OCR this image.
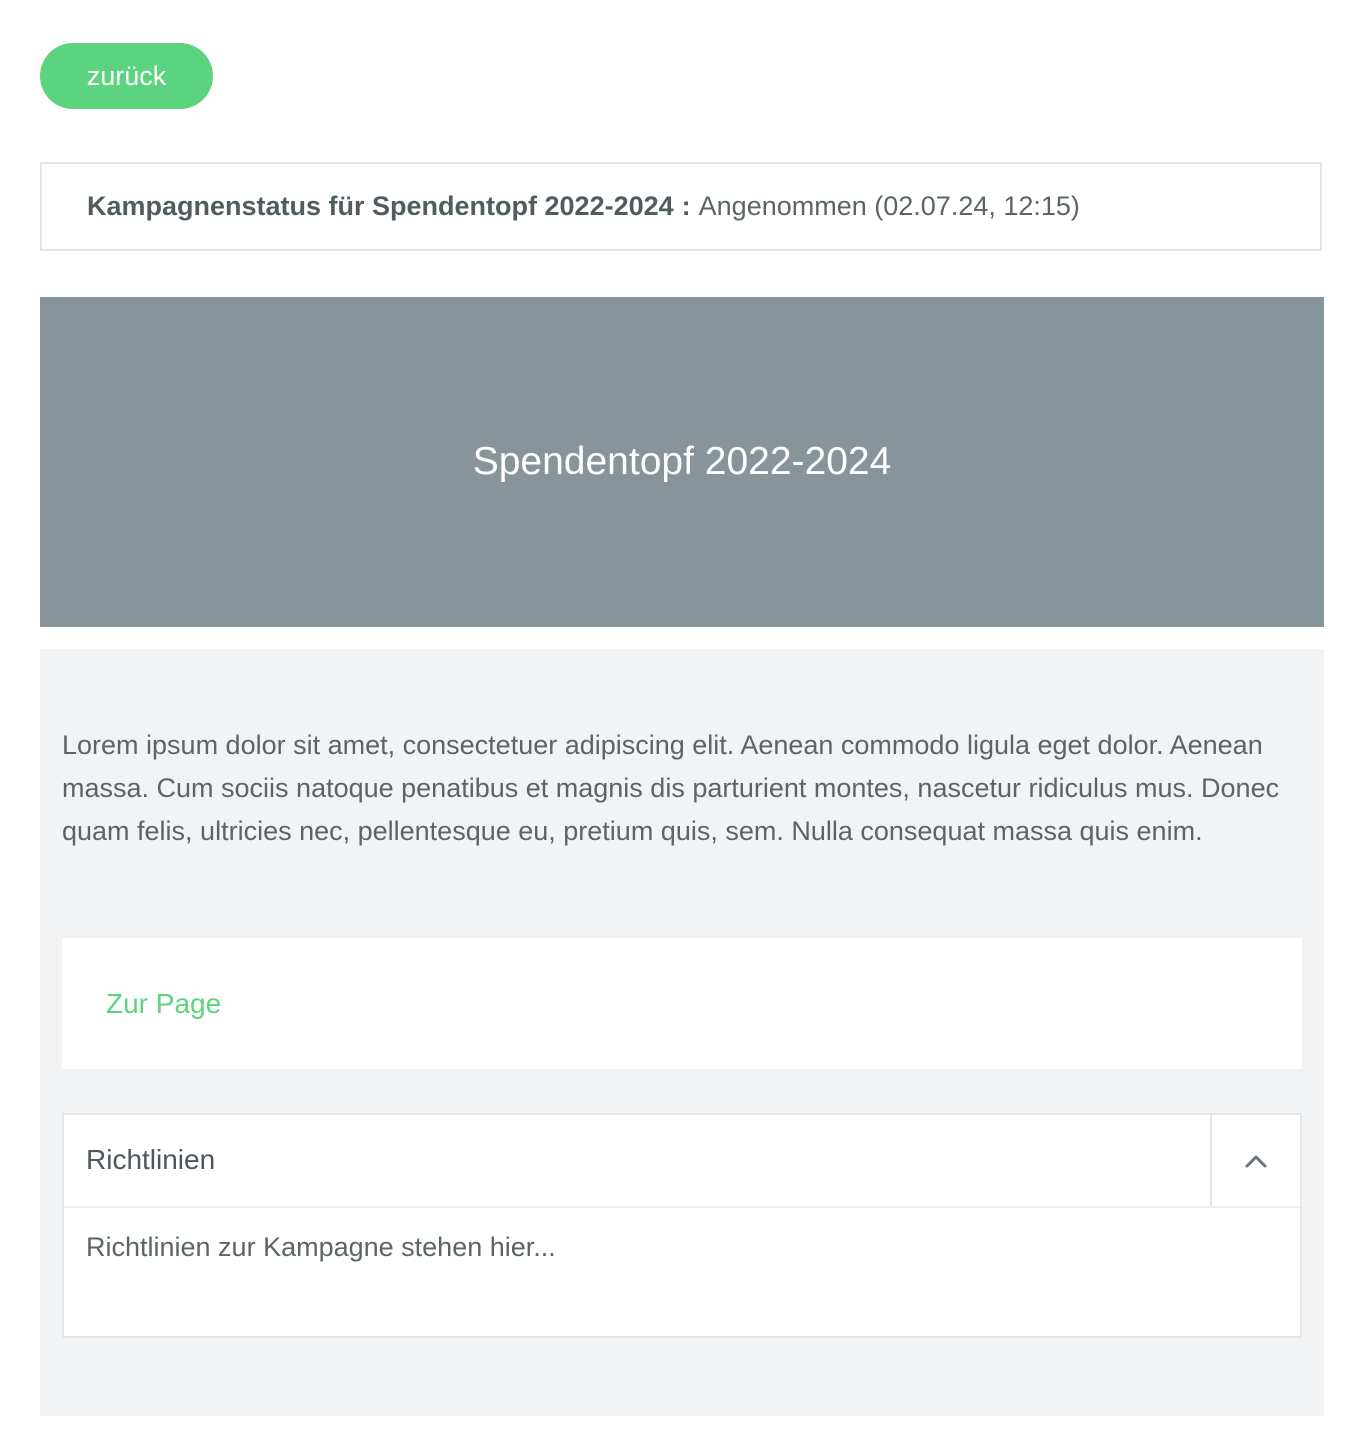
zurück
Kampagnenstatus für Spendentopf 2022-2024 : Angenommen (02.07.24, 12:15)
Spendentopf 2022-2024

Lorem ipsum dolor sit amet, consectetuer adipiscing elit. Aenean commodo ligula eget dolor. Aenean massa. Cum sociis natoque penatibus et magnis dis parturient montes, nascetur ridiculus mus. Donec quam felis, ultricies nec, pellentesque eu, pretium quis, sem. Nulla consequat massa quis enim.

Zur Page
Richtlinien
Richtlinien zur Kampagne stehen hier...
